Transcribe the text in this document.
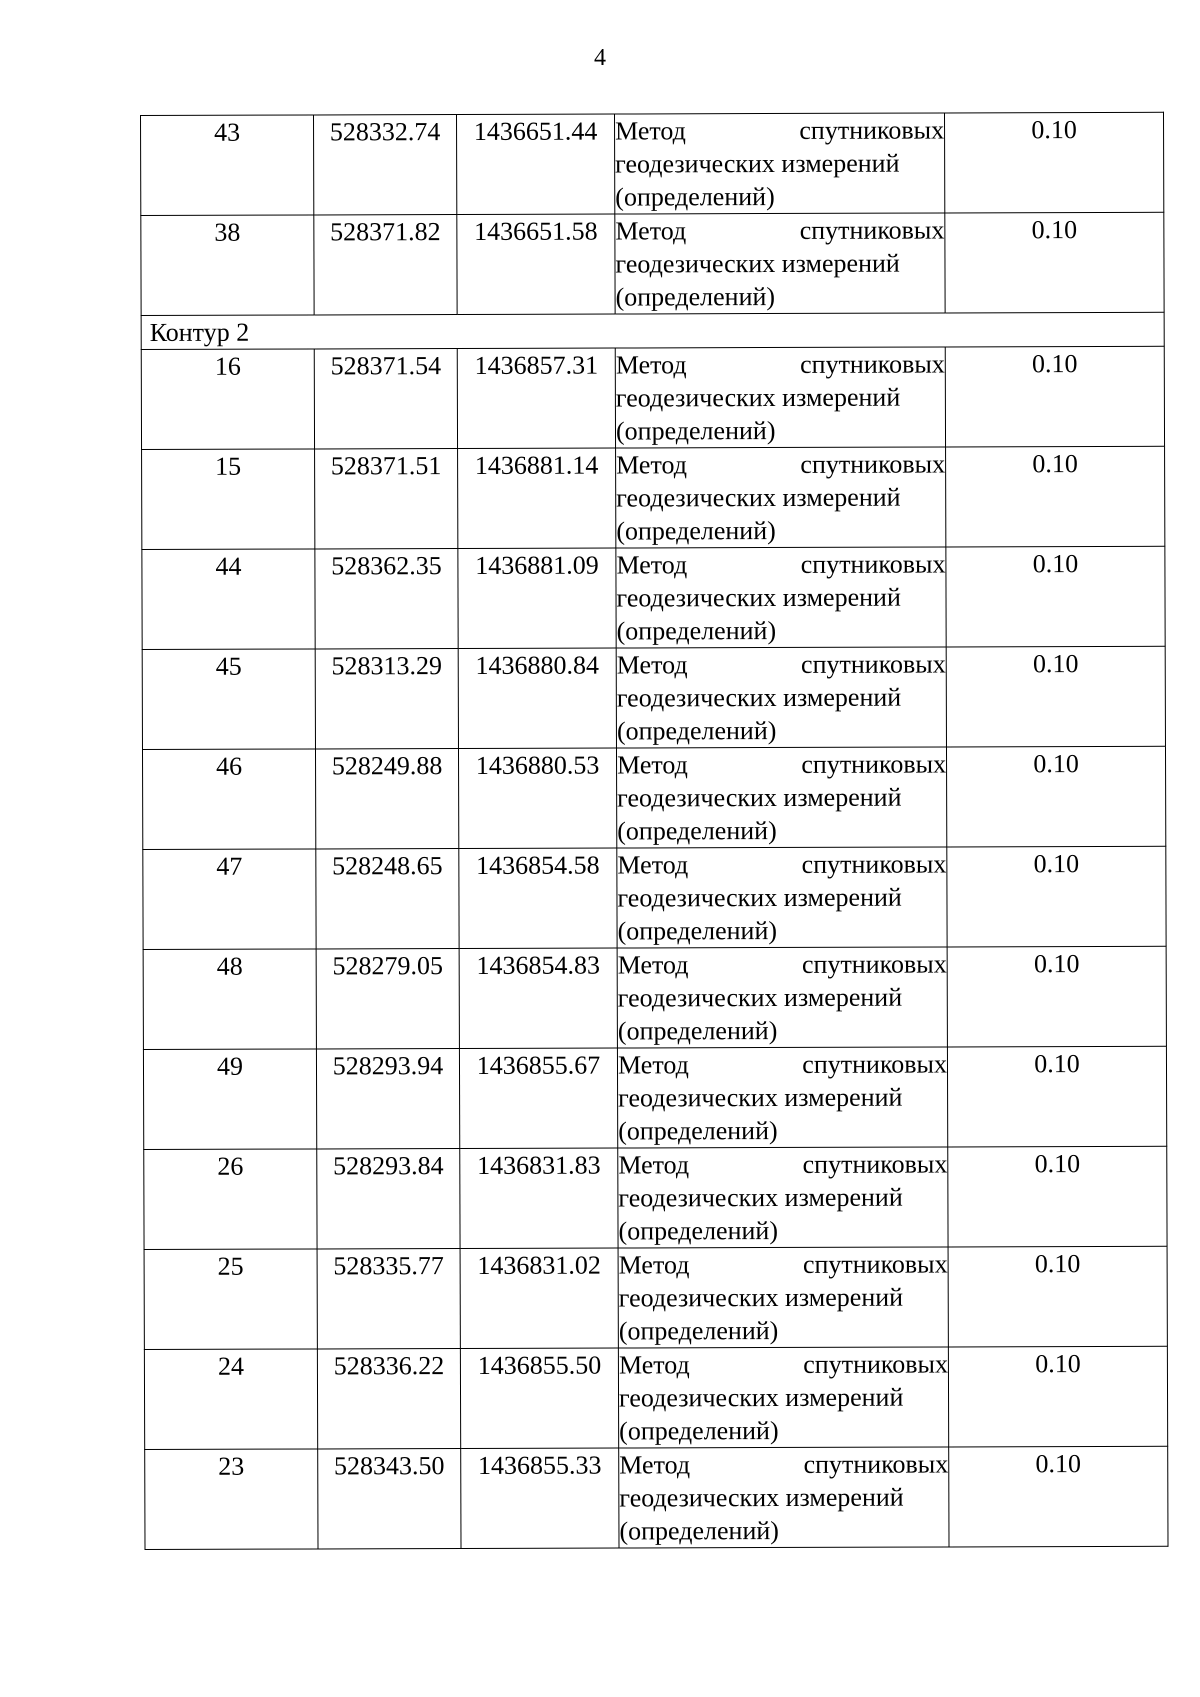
4
43	528332.74	1436651.44	Метод спутниковых
геодезических измерений
(определений)	0.10
38	528371.82	1436651.58	Метод спутниковых
геодезических измерений
(определений)	0.10
Контур 2				
16	528371.54	1436857.31	Метод спутниковых
геодезических измерений
(определений)	0.10
15	528371.51	1436881.14	Метод спутниковых
геодезических измерений
(определений)	0.10
44	528362.35	1436881.09	Метод спутниковых
геодезических измерений
(определений)	0.10
45	528313.29	1436880.84	Метод спутниковых
геодезических измерений
(определений)	0.10
46	528249.88	1436880.53	Метод спутниковых
геодезических измерений
(определений)	0.10
47	528248.65	1436854.58	Метод спутниковых
геодезических измерений
(определений)	0.10
48	528279.05	1436854.83	Метод спутниковых
геодезических измерений
(определений)	0.10
49	528293.94	1436855.67	Метод спутниковых
геодезических измерений
(определений)	0.10
26	528293.84	1436831.83	Метод спутниковых
геодезических измерений
(определений)	0.10
25	528335.77	1436831.02	Метод спутниковых
геодезических измерений
(определений)	0.10
24	528336.22	1436855.50	Метод спутниковых
геодезических измерений
(определений)	0.10
23	528343.50	1436855.33	Метод спутниковых
геодезических измерений
(определений)	0.10
